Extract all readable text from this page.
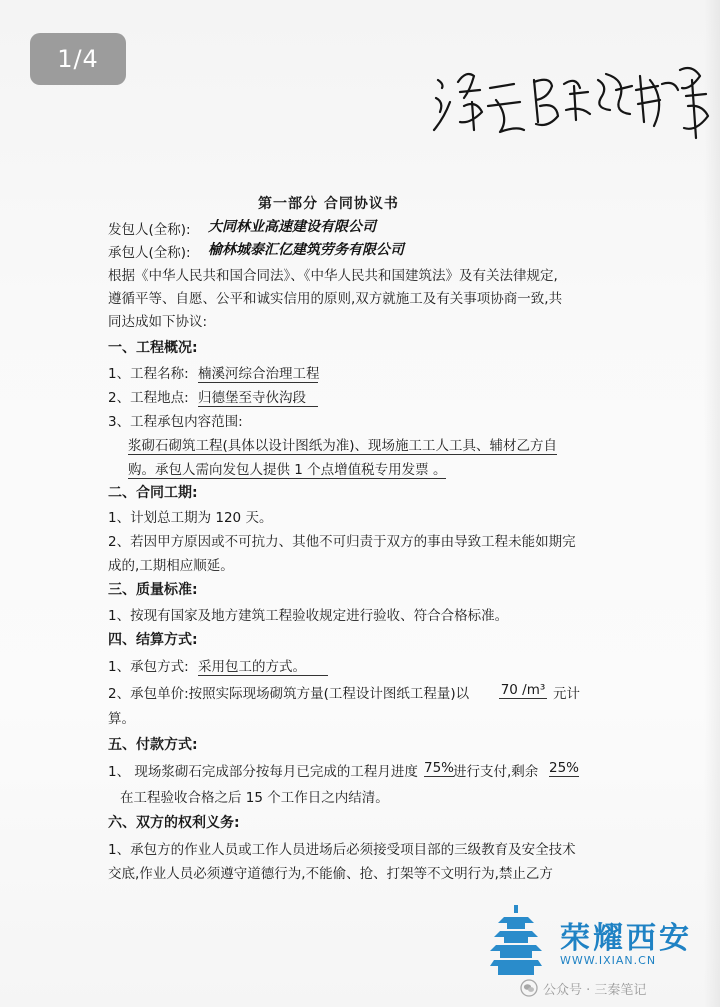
1/4
第一部分 合同协议书
发包人(全称): 大同林业高速建设有限公司
承包人(全称): 榆林城泰汇亿建筑劳务有限公司
根据《中华人民共和国合同法》、《中华人民共和国建筑法》及有关法律规定,
遵循平等、自愿、公平和诚实信用的原则,双方就施工及有关事项协商一致,共
同达成如下协议:
一、工程概况:
1、工程名称: 楠溪河综合治理工程
2、工程地点: 归德堡至寺伙沟段
3、工程承包内容范围:
浆砌石砌筑工程(具体以设计图纸为准)、现场施工工人工具、辅材乙方自
购。承包人需向发包人提供 1 个点增值税专用发票 。
二、合同工期:
1、计划总工期为 120 天。
2、若因甲方原因或不可抗力、其他不可归责于双方的事由导致工程未能如期完
成的,工期相应顺延。
三、质量标准:
1、按现有国家及地方建筑工程验收规定进行验收、符合合格标准。
四、结算方式:
1、承包方式: 采用包工的方式。
2、承包单价:按照实际现场砌筑方量(工程设计图纸工程量)以 70 /m³ 元计
算。
五、付款方式:
1、 现场浆砌石完成部分按每月已完成的工程月进度 75%
进行支付,剩余 25%
在工程验收合格之后 15 个工作日之内结清。
六、双方的权利义务:
1、承包方的作业人员或工作人员进场后必须接受项目部的三级教育及安全技术
交底,作业人员必须遵守道德行为,不能偷、抢、打架等不文明行为,禁止乙方
荣耀西安
WWW.IXIAN.CN
公众号 · 三秦笔记
